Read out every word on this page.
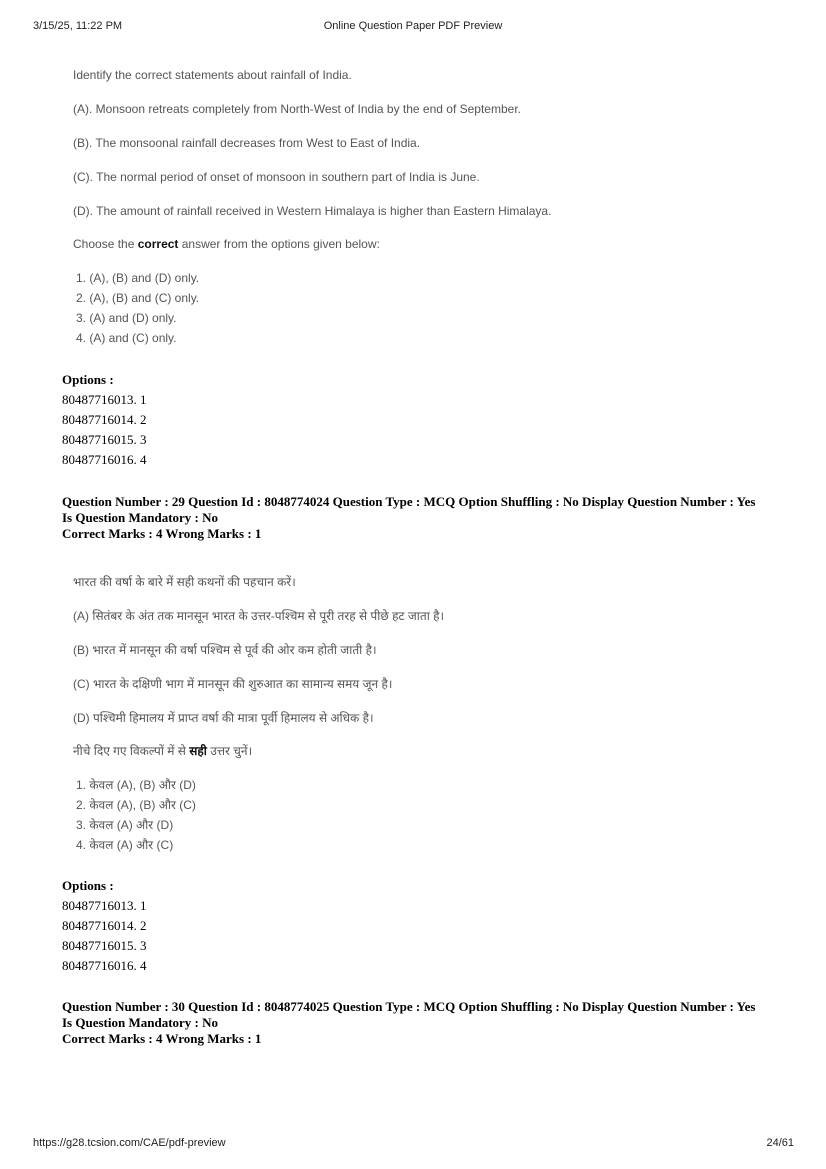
3/15/25, 11:22 PM	Online Question Paper PDF Preview
Identify the correct statements about rainfall of India.
(A). Monsoon retreats completely from North-West of India by the end of September.
(B). The monsoonal rainfall decreases from West to East of India.
(C). The normal period of onset of monsoon in southern part of India is June.
(D). The amount of rainfall received in Western Himalaya is higher than Eastern Himalaya.
Choose the correct answer from the options given below:
1. (A), (B) and (D) only.
2. (A), (B) and (C) only.
3. (A) and (D) only.
4. (A) and (C) only.
Options :
80487716013. 1
80487716014. 2
80487716015. 3
80487716016. 4
Question Number : 29 Question Id : 8048774024 Question Type : MCQ Option Shuffling : No Display Question Number : Yes
Is Question Mandatory : No
Correct Marks : 4 Wrong Marks : 1
भारत की वर्षा के बारे में सही कथनों की पहचान करें।
(A) सितंबर के अंत तक मानसून भारत के उत्तर-पश्चिम से पूरी तरह से पीछे हट जाता है।
(B) भारत में मानसून की वर्षा पश्चिम से पूर्व की ओर कम होती जाती है।
(C) भारत के दक्षिणी भाग में मानसून की शुरुआत का सामान्य समय जून है।
(D) पश्चिमी हिमालय में प्राप्त वर्षा की मात्रा पूर्वी हिमालय से अधिक है।
नीचे दिए गए विकल्पों में से सही उत्तर चुनें।
1. केवल (A), (B) और (D)
2. केवल (A), (B) और (C)
3. केवल (A) और (D)
4. केवल (A) और (C)
Options :
80487716013. 1
80487716014. 2
80487716015. 3
80487716016. 4
Question Number : 30 Question Id : 8048774025 Question Type : MCQ Option Shuffling : No Display Question Number : Yes
Is Question Mandatory : No
Correct Marks : 4 Wrong Marks : 1
https://g28.tcsion.com/CAE/pdf-preview	24/61
